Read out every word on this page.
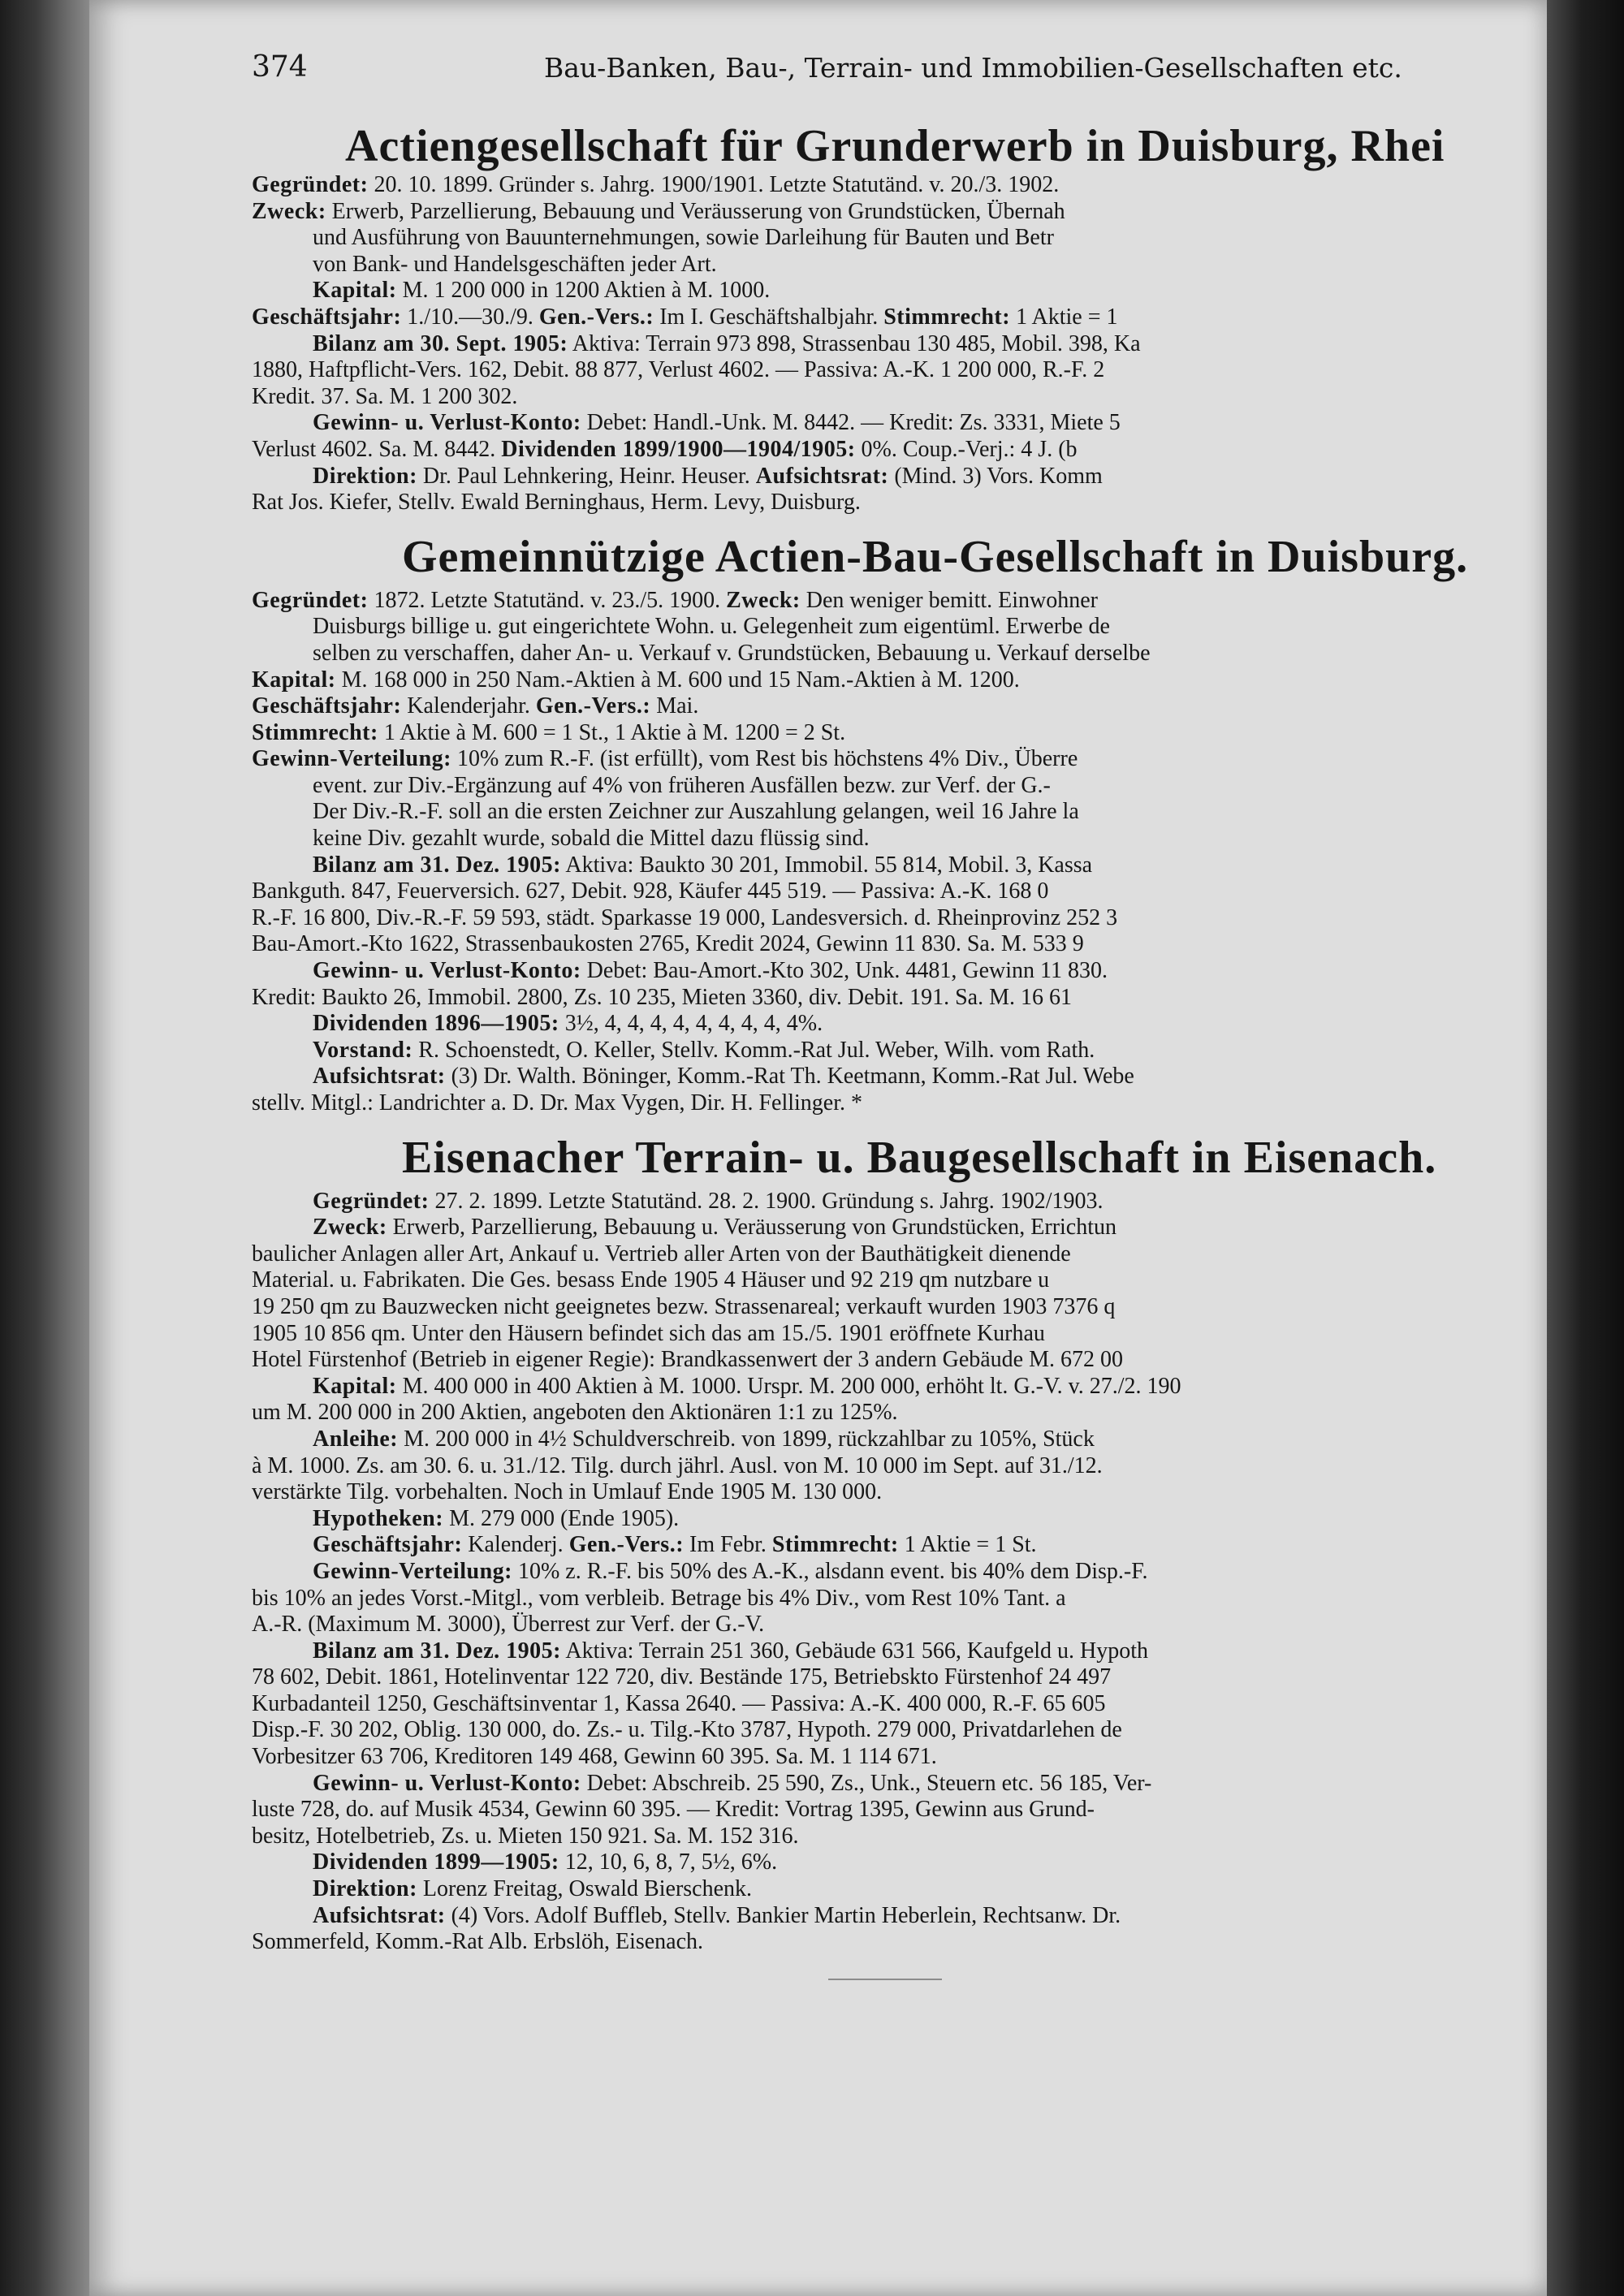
374	Bau-Banken, Bau-, Terrain- und Immobilien-Gesellschaften etc.
Actiengesellschaft für Grunderwerb in Duisburg, Rhei

Gegründet: 20. 10. 1899. Gründer s. Jahrg. 1900/1901. Letzte Statutänd. v. 20./3. 1902.

Zweck: Erwerb, Parzellierung, Bebauung und Veräusserung von Grundstücken, Übernah

und Ausführung von Bauunternehmungen, sowie Darleihung für Bauten und Betr

von Bank- und Handelsgeschäften jeder Art.

Kapital: M. 1 200 000 in 1200 Aktien à M. 1000.

Geschäftsjahr: 1./10.—30./9. Gen.-Vers.: Im I. Geschäftshalbjahr. Stimmrecht: 1 Aktie = 1

Bilanz am 30. Sept. 1905: Aktiva: Terrain 973 898, Strassenbau 130 485, Mobil. 398, Ka

1880, Haftpflicht-Vers. 162, Debit. 88 877, Verlust 4602. — Passiva: A.-K. 1 200 000, R.-F. 2

Kredit. 37. Sa. M. 1 200 302.

Gewinn- u. Verlust-Konto: Debet: Handl.-Unk. M. 8442. — Kredit: Zs. 3331, Miete 5

Verlust 4602. Sa. M. 8442. Dividenden 1899/1900—1904/1905: 0%. Coup.-Verj.: 4 J. (b

Direktion: Dr. Paul Lehnkering, Heinr. Heuser. Aufsichtsrat: (Mind. 3) Vors. Komm

Rat Jos. Kiefer, Stellv. Ewald Berninghaus, Herm. Levy, Duisburg.

Gemeinnützige Actien-Bau-Gesellschaft in Duisburg.

Gegründet: 1872. Letzte Statutänd. v. 23./5. 1900. Zweck: Den weniger bemitt. Einwohner

Duisburgs billige u. gut eingerichtete Wohn. u. Gelegenheit zum eigentüml. Erwerbe de

selben zu verschaffen, daher An- u. Verkauf v. Grundstücken, Bebauung u. Verkauf derselbe

Kapital: M. 168 000 in 250 Nam.-Aktien à M. 600 und 15 Nam.-Aktien à M. 1200.

Geschäftsjahr: Kalenderjahr. Gen.-Vers.: Mai.

Stimmrecht: 1 Aktie à M. 600 = 1 St., 1 Aktie à M. 1200 = 2 St.

Gewinn-Verteilung: 10% zum R.-F. (ist erfüllt), vom Rest bis höchstens 4% Div., Überre

event. zur Div.-Ergänzung auf 4% von früheren Ausfällen bezw. zur Verf. der G.-

Der Div.-R.-F. soll an die ersten Zeichner zur Auszahlung gelangen, weil 16 Jahre la

keine Div. gezahlt wurde, sobald die Mittel dazu flüssig sind.

Bilanz am 31. Dez. 1905: Aktiva: Baukto 30 201, Immobil. 55 814, Mobil. 3, Kassa

Bankguth. 847, Feuerversich. 627, Debit. 928, Käufer 445 519. — Passiva: A.-K. 168 0

R.-F. 16 800, Div.-R.-F. 59 593, städt. Sparkasse 19 000, Landesversich. d. Rheinprovinz 252 3

Bau-Amort.-Kto 1622, Strassenbaukosten 2765, Kredit 2024, Gewinn 11 830. Sa. M. 533 9

Gewinn- u. Verlust-Konto: Debet: Bau-Amort.-Kto 302, Unk. 4481, Gewinn 11 830.

Kredit: Baukto 26, Immobil. 2800, Zs. 10 235, Mieten 3360, div. Debit. 191. Sa. M. 16 61

Dividenden 1896—1905: 3½, 4, 4, 4, 4, 4, 4, 4, 4, 4%.

Vorstand: R. Schoenstedt, O. Keller, Stellv. Komm.-Rat Jul. Weber, Wilh. vom Rath.

Aufsichtsrat: (3) Dr. Walth. Böninger, Komm.-Rat Th. Keetmann, Komm.-Rat Jul. Webe

stellv. Mitgl.: Landrichter a. D. Dr. Max Vygen, Dir. H. Fellinger. *

Eisenacher Terrain- u. Baugesellschaft in Eisenach.

Gegründet: 27. 2. 1899. Letzte Statutänd. 28. 2. 1900. Gründung s. Jahrg. 1902/1903.

Zweck: Erwerb, Parzellierung, Bebauung u. Veräusserung von Grundstücken, Errichtun

baulicher Anlagen aller Art, Ankauf u. Vertrieb aller Arten von der Bauthätigkeit dienende

Material. u. Fabrikaten. Die Ges. besass Ende 1905 4 Häuser und 92 219 qm nutzbare u

19 250 qm zu Bauzwecken nicht geeignetes bezw. Strassenareal; verkauft wurden 1903 7376 q

1905 10 856 qm. Unter den Häusern befindet sich das am 15./5. 1901 eröffnete Kurhau

Hotel Fürstenhof (Betrieb in eigener Regie): Brandkassenwert der 3 andern Gebäude M. 672 00

Kapital: M. 400 000 in 400 Aktien à M. 1000. Urspr. M. 200 000, erhöht lt. G.-V. v. 27./2. 190

um M. 200 000 in 200 Aktien, angeboten den Aktionären 1:1 zu 125%.

Anleihe: M. 200 000 in 4½ Schuldverschreib. von 1899, rückzahlbar zu 105%, Stück

à M. 1000. Zs. am 30. 6. u. 31./12. Tilg. durch jährl. Ausl. von M. 10 000 im Sept. auf 31./12.

verstärkte Tilg. vorbehalten. Noch in Umlauf Ende 1905 M. 130 000.

Hypotheken: M. 279 000 (Ende 1905).

Geschäftsjahr: Kalenderj. Gen.-Vers.: Im Febr. Stimmrecht: 1 Aktie = 1 St.

Gewinn-Verteilung: 10% z. R.-F. bis 50% des A.-K., alsdann event. bis 40% dem Disp.-F.

bis 10% an jedes Vorst.-Mitgl., vom verbleib. Betrage bis 4% Div., vom Rest 10% Tant. a

A.-R. (Maximum M. 3000), Überrest zur Verf. der G.-V.

Bilanz am 31. Dez. 1905: Aktiva: Terrain 251 360, Gebäude 631 566, Kaufgeld u. Hypoth

78 602, Debit. 1861, Hotelinventar 122 720, div. Bestände 175, Betriebskto Fürstenhof 24 497

Kurbadanteil 1250, Geschäftsinventar 1, Kassa 2640. — Passiva: A.-K. 400 000, R.-F. 65 605

Disp.-F. 30 202, Oblig. 130 000, do. Zs.- u. Tilg.-Kto 3787, Hypoth. 279 000, Privatdarlehen de

Vorbesitzer 63 706, Kreditoren 149 468, Gewinn 60 395. Sa. M. 1 114 671.

Gewinn- u. Verlust-Konto: Debet: Abschreib. 25 590, Zs., Unk., Steuern etc. 56 185, Ver-

luste 728, do. auf Musik 4534, Gewinn 60 395. — Kredit: Vortrag 1395, Gewinn aus Grund-

besitz, Hotelbetrieb, Zs. u. Mieten 150 921. Sa. M. 152 316.

Dividenden 1899—1905: 12, 10, 6, 8, 7, 5½, 6%.

Direktion: Lorenz Freitag, Oswald Bierschenk.

Aufsichtsrat: (4) Vors. Adolf Buffleb, Stellv. Bankier Martin Heberlein, Rechtsanw. Dr.

Sommerfeld, Komm.-Rat Alb. Erbslöh, Eisenach.
